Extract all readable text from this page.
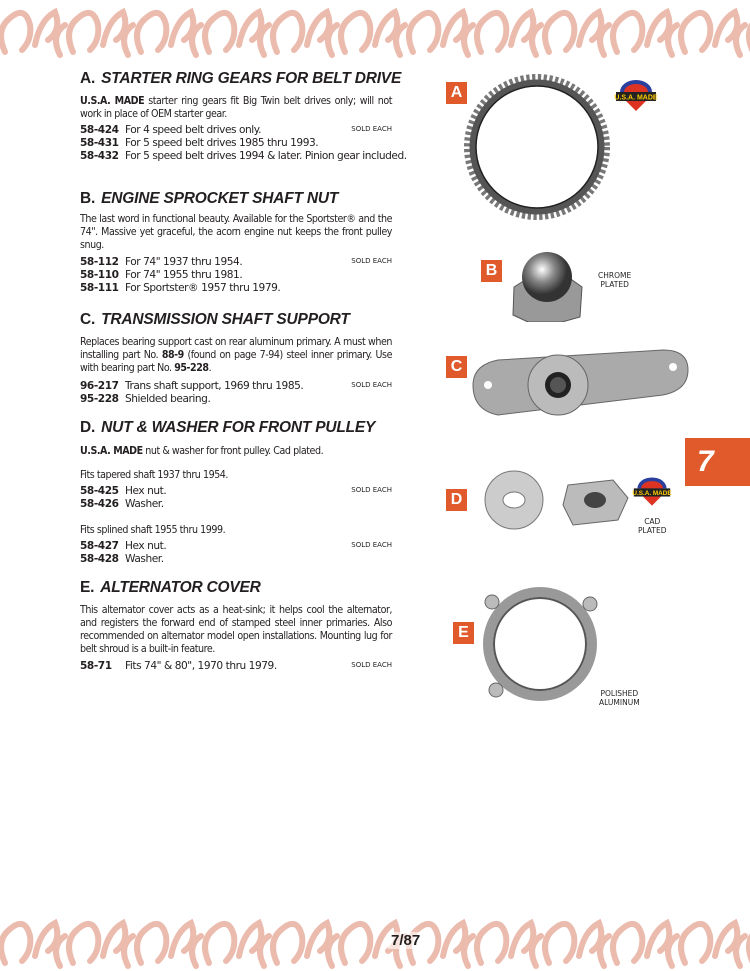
A. STARTER RING GEARS FOR BELT DRIVE
U.S.A. MADE starter ring gears fit Big Twin belt drives only; will not work in place of OEM starter gear.
58-424 For 4 speed belt drives only.	SOLD EACH
58-431 For 5 speed belt drives 1985 thru 1993.
58-432 For 5 speed belt drives 1994 & later. Pinion gear included.
B. ENGINE SPROCKET SHAFT NUT
The last word in functional beauty. Available for the Sportster® and the 74". Massive yet graceful, the acorn engine nut keeps the front pulley snug.
58-112 For 74" 1937 thru 1954.	SOLD EACH
58-110 For 74" 1955 thru 1981.
58-111 For Sportster® 1957 thru 1979.
C. TRANSMISSION SHAFT SUPPORT
Replaces bearing support cast on rear aluminum primary. A must when installing part No. 88-9 (found on page 7-94) steel inner primary. Use with bearing part No. 95-228.
96-217 Trans shaft support, 1969 thru 1985.	SOLD EACH
95-228 Shielded bearing.
D. NUT & WASHER FOR FRONT PULLEY
U.S.A. MADE nut & washer for front pulley. Cad plated.
Fits tapered shaft 1937 thru 1954.
58-425 Hex nut.	SOLD EACH
58-426 Washer.
Fits splined shaft 1955 thru 1999.
58-427 Hex nut.	SOLD EACH
58-428 Washer.
E. ALTERNATOR COVER
This alternator cover acts as a heat-sink; it helps cool the alternator, and registers the forward end of stamped steel inner primaries. Also recommended on alternator model open installations. Mounting lug for belt shroud is a built-in feature.
58-71 Fits 74" & 80", 1970 thru 1979.	SOLD EACH
A	U.S.A. MADE
B	CHROME
PLATED
C
7
D	U.S.A. MADE
CAD
PLATED
E
POLISHED
ALUMINUM
7/87
